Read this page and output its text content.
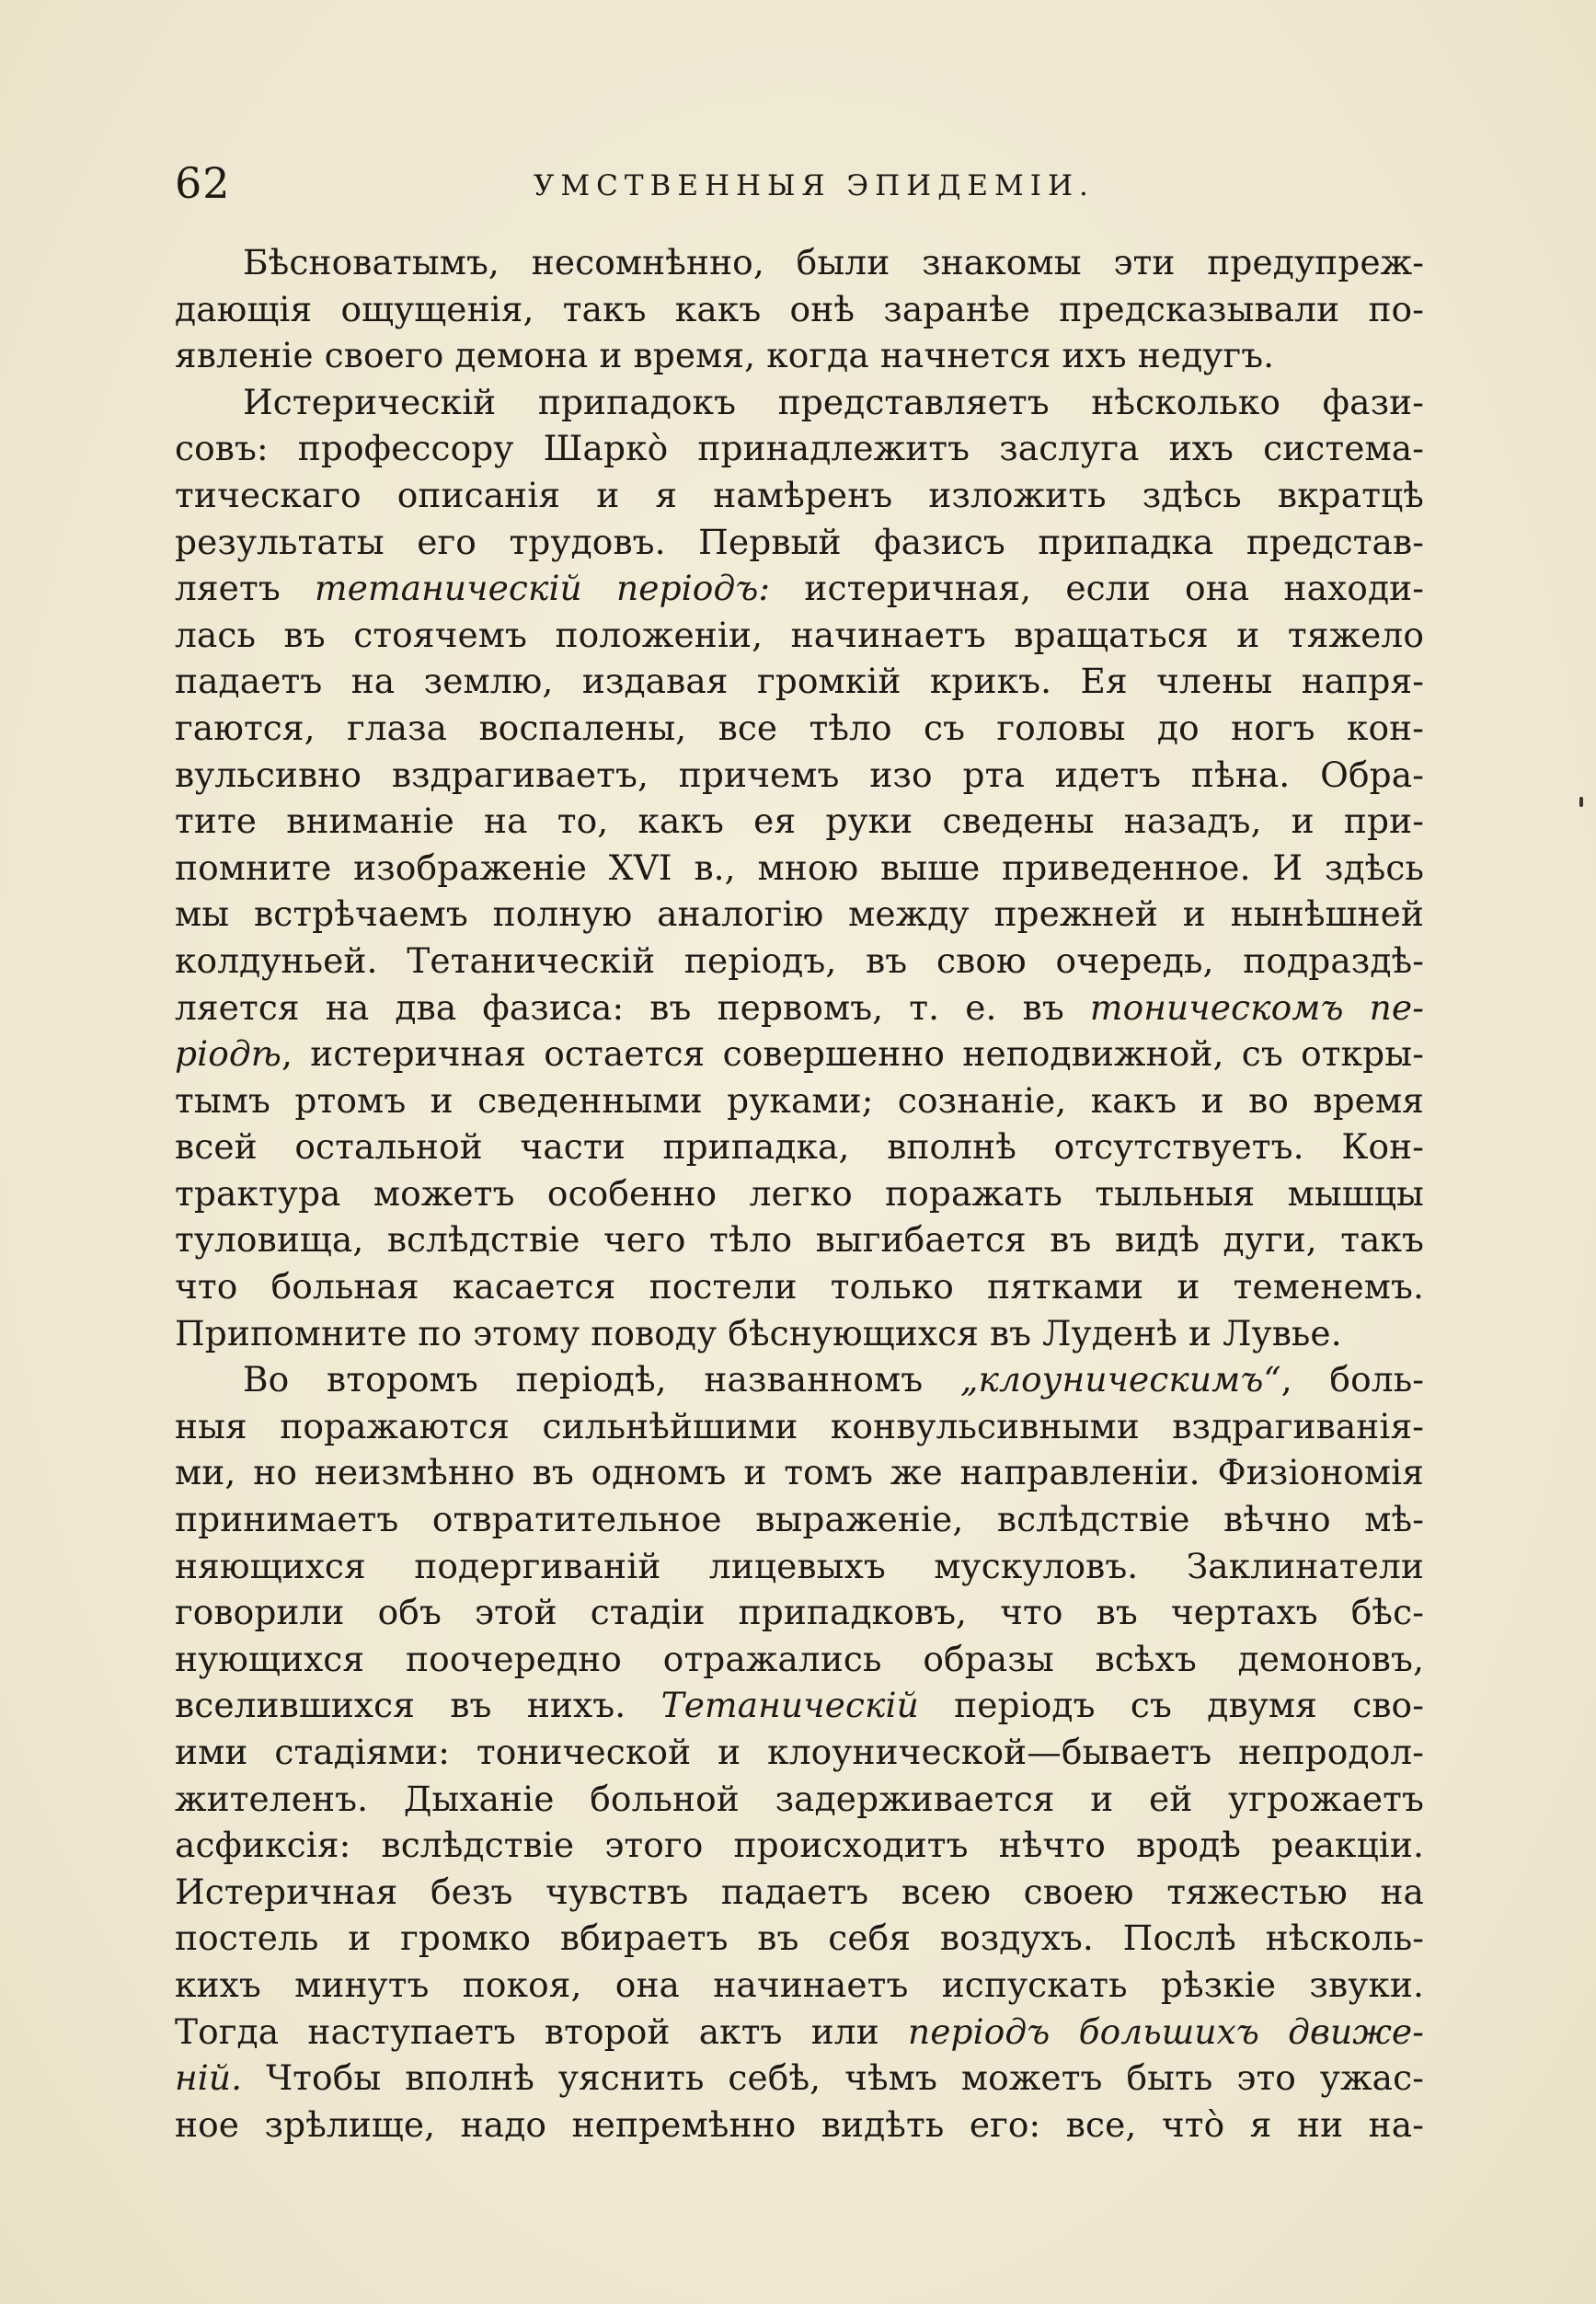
62	УМСТВЕННЫЯ ЭПИДЕМІИ.
Бѣсноватымъ, несомнѣнно, были знакомы эти предупреж-
дающія ощущенія, такъ какъ онѣ заранѣе предсказывали по-
явленіе своего демона и время, когда начнется ихъ недугъ.
Истерическій припадокъ представляетъ нѣсколько фази-
совъ: профессору Шаркò принадлежитъ заслуга ихъ система-
тическаго описанія и я намѣренъ изложить здѣсь вкратцѣ
результаты его трудовъ. Первый фазисъ припадка представ-
ляетъ тетаническій періодъ: истеричная, если она находи-
лась въ стоячемъ положеніи, начинаетъ вращаться и тяжело
падаетъ на землю, издавая громкій крикъ. Ея члены напря-
гаются, глаза воспалены, все тѣло съ головы до ногъ кон-
вульсивно вздрагиваетъ, причемъ изо рта идетъ пѣна. Обра-
тите вниманіе на то, какъ ея руки сведены назадъ, и при-
помните изображеніе XVI в., мною выше приведенное. И здѣсь
мы встрѣчаемъ полную аналогію между прежней и нынѣшней
колдуньей. Тетаническій періодъ, въ свою очередь, подраздѣ-
ляется на два фазиса: въ первомъ, т. е. въ тоническомъ пе-
ріодѣ, истеричная остается совершенно неподвижной, съ откры-
тымъ ртомъ и сведенными руками; сознаніе, какъ и во время
всей остальной части припадка, вполнѣ отсутствуетъ. Кон-
трактура можетъ особенно легко поражать тыльныя мышцы
туловища, вслѣдствіе чего тѣло выгибается въ видѣ дуги, такъ
что больная касается постели только пятками и теменемъ.
Припомните по этому поводу бѣснующихся въ Луденѣ и Лувье.
Во второмъ періодѣ, названномъ „клоуническимъ“, боль-
ныя поражаются сильнѣйшими конвульсивными вздрагиванія-
ми, но неизмѣнно въ одномъ и томъ же направленіи. Физіономія
принимаетъ отвратительное выраженіе, вслѣдствіе вѣчно мѣ-
няющихся подергиваній лицевыхъ мускуловъ. Заклинатели
говорили объ этой стадіи припадковъ, что въ чертахъ бѣс-
нующихся поочередно отражались образы всѣхъ демоновъ,
вселившихся въ нихъ. Тетаническій періодъ съ двумя сво-
ими стадіями: тонической и клоунической—бываетъ непродол-
жителенъ. Дыханіе больной задерживается и ей угрожаетъ
асфиксія: вслѣдствіе этого происходитъ нѣчто вродѣ реакціи.
Истеричная безъ чувствъ падаетъ всею своею тяжестью на
постель и громко вбираетъ въ себя воздухъ. Послѣ нѣсколь-
кихъ минутъ покоя, она начинаетъ испускать рѣзкіе звуки.
Тогда наступаетъ второй актъ или періодъ большихъ движе-
ній. Чтобы вполнѣ уяснить себѣ, чѣмъ можетъ быть это ужас-
ное зрѣлище, надо непремѣнно видѣть его: все, чтò я ни на-
